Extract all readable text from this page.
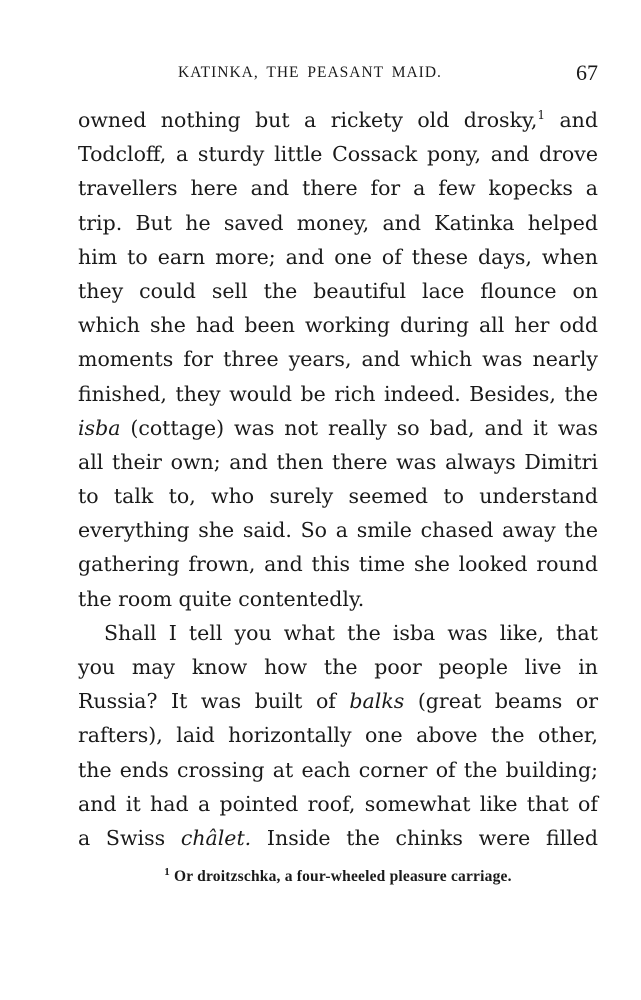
KATINKA, THE PEASANT MAID.	67
owned nothing but a rickety old drosky,$^1$ and
Todcloff, a sturdy little Cossack pony, and drove
travellers here and there for a few kopecks a
trip. But he saved money, and Katinka helped
him to earn more; and one of these days, when
they could sell the beautiful lace flounce on
which she had been working during all her odd
moments for three years, and which was nearly
finished, they would be rich indeed. Besides, the
isba (cottage) was not really so bad, and it was
all their own; and then there was always Dimitri
to talk to, who surely seemed to understand
everything she said. So a smile chased away the
gathering frown, and this time she looked round
the room quite contentedly.
Shall I tell you what the isba was like, that
you may know how the poor people live in
Russia? It was built of balks (great beams or
rafters), laid horizontally one above the other,
the ends crossing at each corner of the building;
and it had a pointed roof, somewhat like that of
a Swiss châlet. Inside the chinks were filled
$^1$ Or droitzschka, a four-wheeled pleasure carriage.
